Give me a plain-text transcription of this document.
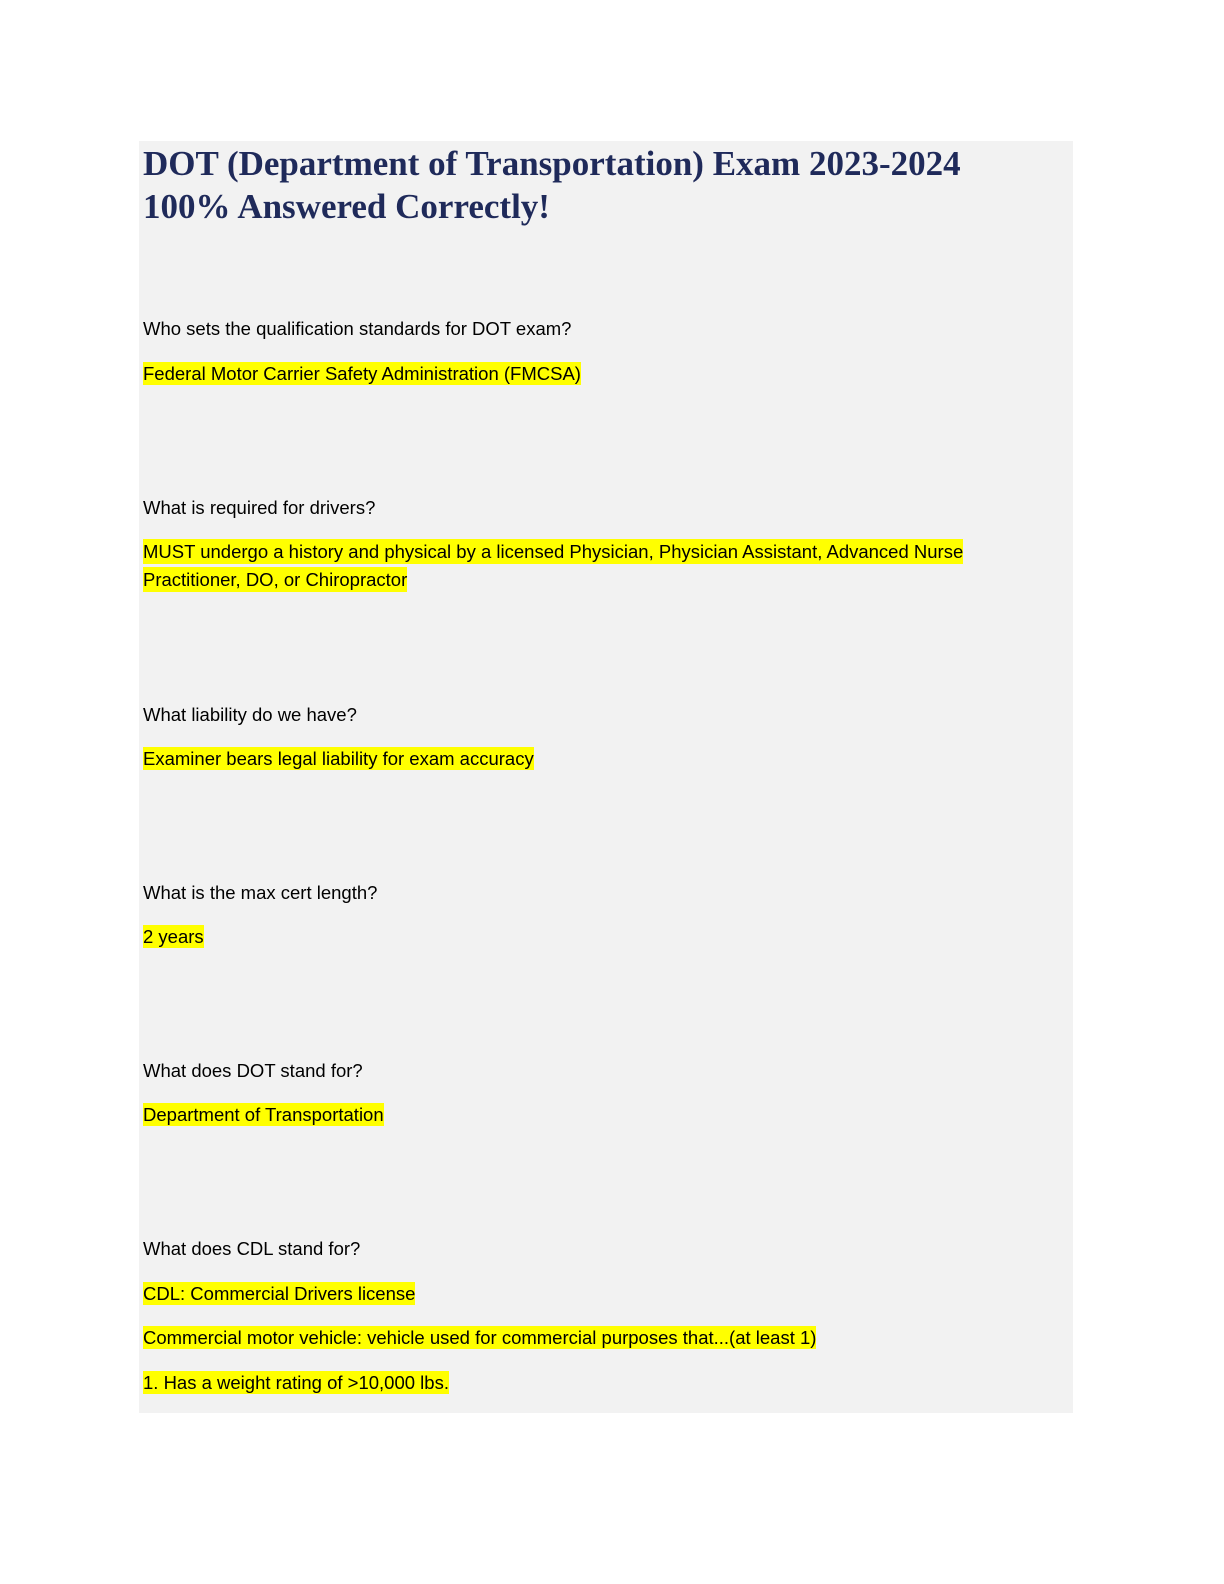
DOT (Department of Transportation) Exam 2023-2024
100% Answered Correctly!

Who sets the qualification standards for DOT exam?

Federal Motor Carrier Safety Administration (FMCSA)

What is required for drivers?

MUST undergo a history and physical by a licensed Physician, Physician Assistant, Advanced Nurse
Practitioner, DO, or Chiropractor

What liability do we have?

Examiner bears legal liability for exam accuracy

What is the max cert length?

2 years

What does DOT stand for?

Department of Transportation

What does CDL stand for?

CDL: Commercial Drivers license

Commercial motor vehicle: vehicle used for commercial purposes that...(at least 1)

1. Has a weight rating of >10,000 lbs.
